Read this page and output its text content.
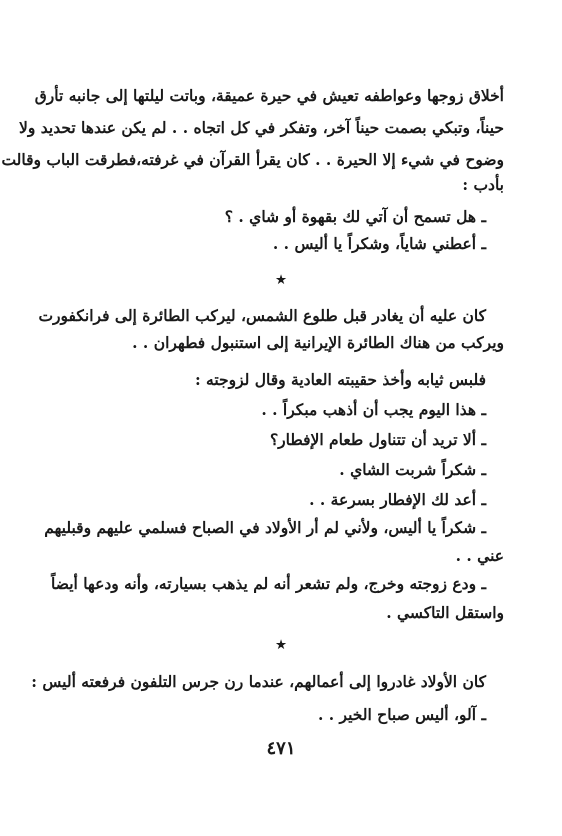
أخلاق زوجها وعواطفه تعيش في حيرة عميقة، وباتت ليلتها إلى جانبه تأرق
حيناً، وتبكي بصمت حيناً آخر، وتفكر في كل اتجاه . . لم يكن عندها تحديد ولا
وضوح في شيء إلا الحيرة . . كان يقرأ القرآن في غرفته،فطرقت الباب وقالت
بأدب :
ـ هل تسمح أن آتي لك بقهوة أو شاي . ؟
ـ أعطني شاياً، وشكراً يا أليس . .
٭
كان عليه أن يغادر قبل طلوع الشمس، ليركب الطائرة إلى فرانكفورت
ويركب من هناك الطائرة الإيرانية إلى استنبول فطهران . .
فلبس ثيابه وأخذ حقيبته العادية وقال لزوجته :
ـ هذا اليوم يجب أن أذهب مبكراً . .
ـ ألا تريد أن تتناول طعام الإفطار؟
ـ شكراً شربت الشاي .
ـ أعد لك الإفطار بسرعة . .
ـ شكراً يا أليس، ولأني لم أر الأولاد في الصباح فسلمي عليهم وقبليهم
عني . .
ـ ودع زوجته وخرج، ولم تشعر أنه لم يذهب بسيارته، وأنه ودعها أيضاً
واستقل التاكسي .
٭
كان الأولاد غادروا إلى أعمالهم، عندما رن جرس التلفون فرفعته أليس :
ـ آلو، أليس صباح الخير . .
٤٧١
